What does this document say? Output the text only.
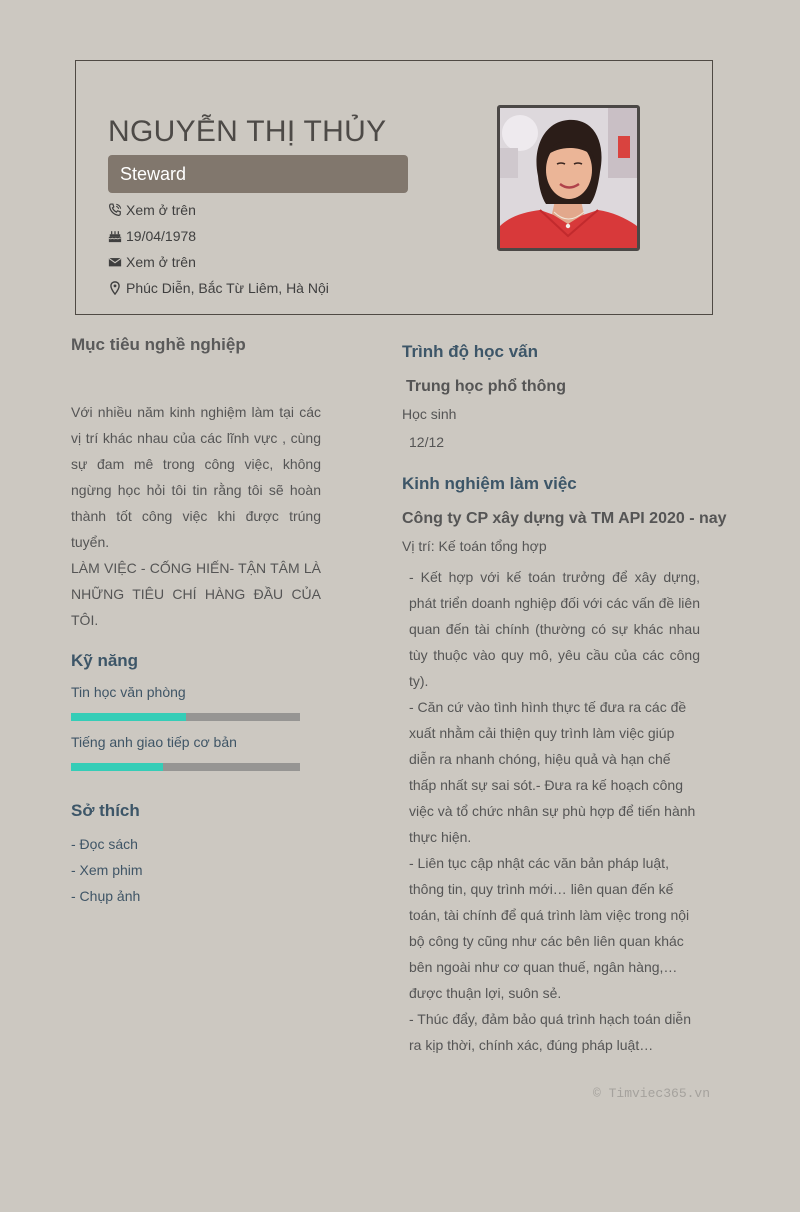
NGUYỄN THỊ THỦY
Steward
Xem ở trên
19/04/1978
Xem ở trên
Phúc Diễn, Bắc Từ Liêm, Hà Nội
Mục tiêu nghề nghiệp

Với nhiều năm kinh nghiệm làm tại các vị trí khác nhau của các lĩnh vực , cùng sự đam mê trong công việc, không ngừng học hỏi tôi tin rằng tôi sẽ hoàn thành tốt công việc khi được trúng tuyển.

LÀM VIỆC - CỐNG HIẾN- TẬN TÂM LÀ NHỮNG TIÊU CHÍ HÀNG ĐẦU CỦA TÔI.

Kỹ năng
Tin học văn phòng
Tiếng anh giao tiếp cơ bản
Sở thích
- Đọc sách
- Xem phim
- Chụp ảnh
Trình độ học vấn
Trung học phổ thông
Học sinh
12/12
Kinh nghiệm làm việc
Công ty CP xây dựng và TM API 2020 - nay
Vị trí: Kế toán tổng hợp

- Kết hợp với kế toán trưởng để xây dựng, phát triển doanh nghiệp đối với các vấn đề liên quan đến tài chính (thường có sự khác nhau tùy thuộc vào quy mô, yêu cầu của các công ty).

- Căn cứ vào tình hình thực tế đưa ra các đề xuất nhằm cải thiện quy trình làm việc giúp diễn ra nhanh chóng, hiệu quả và hạn chế thấp nhất sự sai sót.- Đưa ra kế hoạch công việc và tổ chức nhân sự phù hợp để tiến hành thực hiện.

- Liên tục cập nhật các văn bản pháp luật, thông tin, quy trình mới… liên quan đến kế toán, tài chính để quá trình làm việc trong nội bộ công ty cũng như các bên liên quan khác bên ngoài như cơ quan thuế, ngân hàng,… được thuận lợi, suôn sẻ.

- Thúc đẩy, đảm bảo quá trình hạch toán diễn ra kịp thời, chính xác, đúng pháp luật…

© Timviec365.vn
